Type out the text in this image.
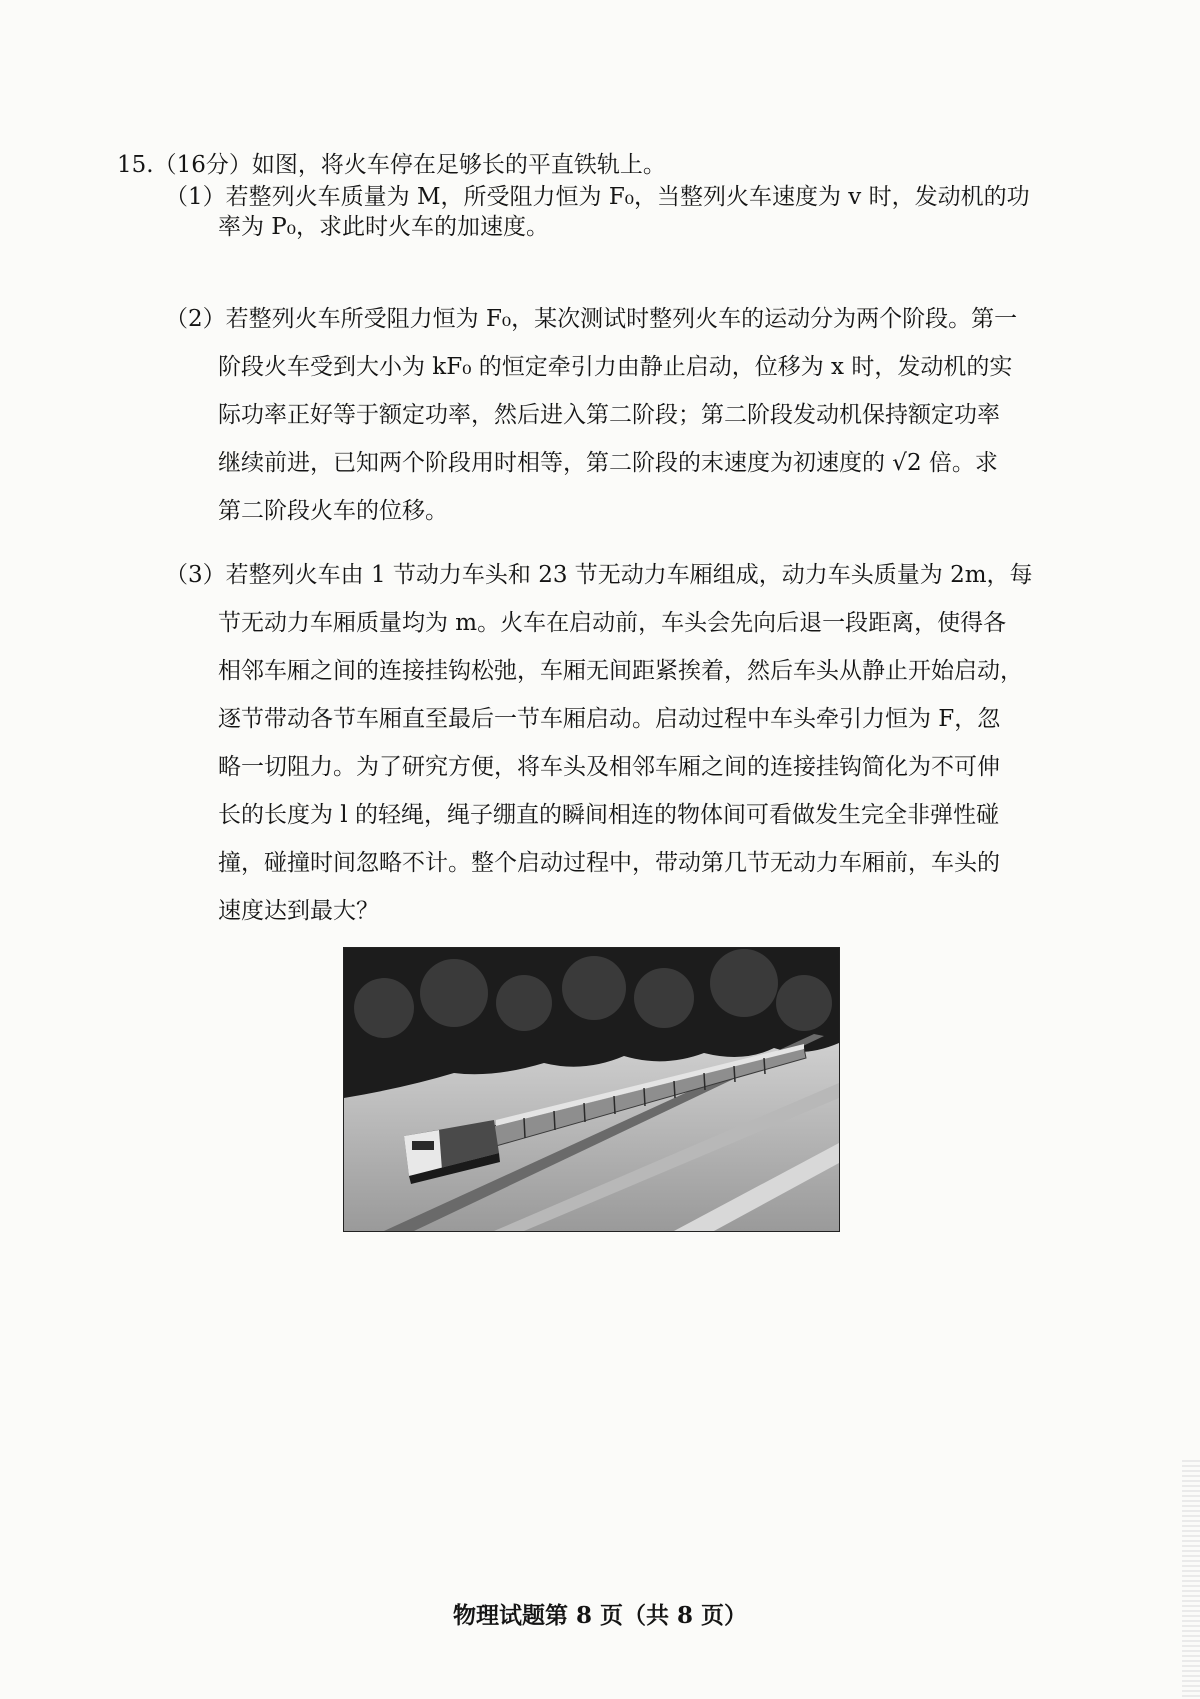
15.（16分）如图，将火车停在足够长的平直铁轨上。
（1）若整列火车质量为 M，所受阻力恒为 F₀，当整列火车速度为 v 时，发动机的功
率为 P₀，求此时火车的加速度。
（2）若整列火车所受阻力恒为 F₀，某次测试时整列火车的运动分为两个阶段。第一
阶段火车受到大小为 kF₀ 的恒定牵引力由静止启动，位移为 x 时，发动机的实
际功率正好等于额定功率，然后进入第二阶段；第二阶段发动机保持额定功率
继续前进，已知两个阶段用时相等，第二阶段的末速度为初速度的 √2 倍。求
第二阶段火车的位移。
（3）若整列火车由 1 节动力车头和 23 节无动力车厢组成，动力车头质量为 2m，每
节无动力车厢质量均为 m。火车在启动前，车头会先向后退一段距离，使得各
相邻车厢之间的连接挂钩松弛，车厢无间距紧挨着，然后车头从静止开始启动，
逐节带动各节车厢直至最后一节车厢启动。启动过程中车头牵引力恒为 F，忽
略一切阻力。为了研究方便，将车头及相邻车厢之间的连接挂钩简化为不可伸
长的长度为 l 的轻绳，绳子绷直的瞬间相连的物体间可看做发生完全非弹性碰
撞，碰撞时间忽略不计。整个启动过程中，带动第几节无动力车厢前，车头的
速度达到最大？
物理试题第 8 页（共 8 页）
